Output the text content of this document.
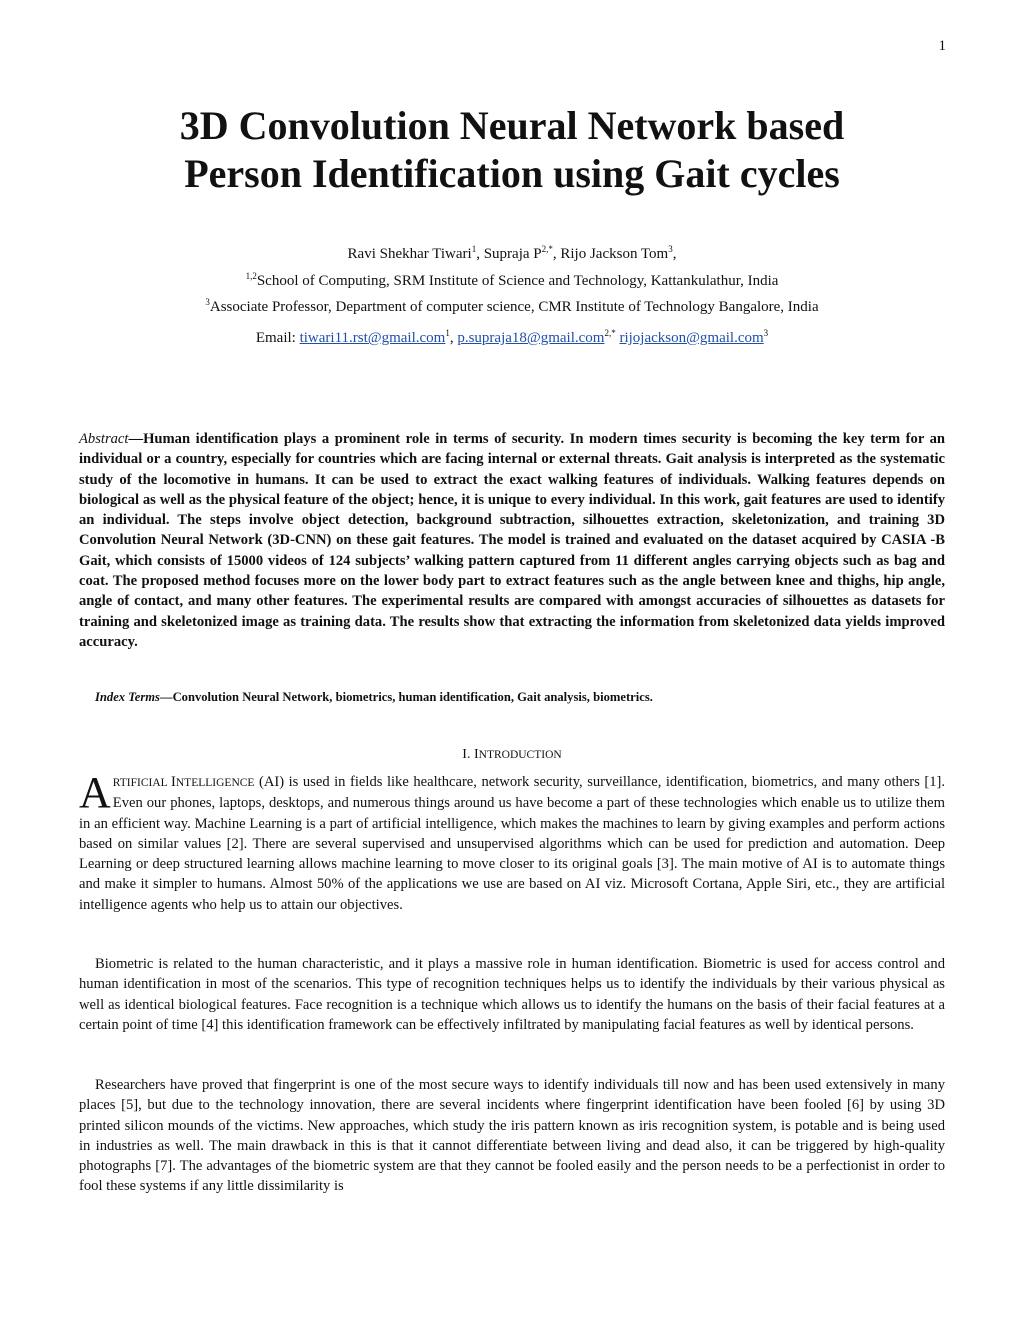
1
3D Convolution Neural Network based
Person Identification using Gait cycles
Ravi Shekhar Tiwari$^1$, Supraja $P^{2,*}$, Rijo Jackson Tom$^3$,
$^{1,2}$School of Computing, SRM Institute of Science and Technology, Kattankulathur, India
$^3$Associate Professor, Department of computer science, CMR Institute of Technology Bangalore, India
Email: tiwari11.rst@gmail.com$^1$, p.supraja18@gmail.com$^{2,*}$ rijojackson@gmail.com$^3$

Abstract—Human identification plays a prominent role in terms of security. In modern times security is becoming the key term for an individual or a country, especially for countries which are facing internal or external threats. Gait analysis is interpreted as the systematic study of the locomotive in humans. It can be used to extract the exact walking features of individuals. Walking features depends on biological as well as the physical feature of the object; hence, it is unique to every individual. In this work, gait features are used to identify an individual. The steps involve object detection, background subtraction, silhouettes extraction, skeletonization, and training 3D Convolution Neural Network (3D-CNN) on these gait features. The model is trained and evaluated on the dataset acquired by CASIA -B Gait, which consists of 15000 videos of 124 subjects’ walking pattern captured from 11 different angles carrying objects such as bag and coat. The proposed method focuses more on the lower body part to extract features such as the angle between knee and thighs, hip angle, angle of contact, and many other features. The experimental results are compared with amongst accuracies of silhouettes as datasets for training and skeletonized image as training data. The results show that extracting the information from skeletonized data yields improved accuracy.

Index Terms—Convolution Neural Network, biometrics, human identification, Gait analysis, biometrics.

I. INTRODUCTION

ARTIFICIAL INTELLIGENCE (AI) is used in fields like healthcare, network security, surveillance, identification, biometrics, and many others [1]. Even our phones, laptops, desktops, and numerous things around us have become a part of these technologies which enable us to utilize them in an efficient way. Machine Learning is a part of artificial intelligence, which makes the machines to learn by giving examples and perform actions based on similar values [2]. There are several supervised and unsupervised algorithms which can be used for prediction and automation. Deep Learning or deep structured learning allows machine learning to move closer to its original goals [3]. The main motive of AI is to automate things and make it simpler to humans. Almost 50% of the applications we use are based on AI viz. Microsoft Cortana, Apple Siri, etc., they are artificial intelligence agents who help us to attain our objectives.

Biometric is related to the human characteristic, and it plays a massive role in human identification. Biometric is used for access control and human identification in most of the scenarios. This type of recognition techniques helps us to identify the individuals by their various physical as well as identical biological features. Face recognition is a technique which allows us to identify the humans on the basis of their facial features at a certain point of time [4] this identification framework can be effectively infiltrated by manipulating facial features as well by identical persons.

Researchers have proved that fingerprint is one of the most secure ways to identify individuals till now and has been used extensively in many places [5], but due to the technology innovation, there are several incidents where fingerprint identification have been fooled [6] by using 3D printed silicon mounds of the victims. New approaches, which study the iris pattern known as iris recognition system, is potable and is being used in industries as well. The main drawback in this is that it cannot differentiate between living and dead also, it can be triggered by high-quality photographs [7]. The advantages of the biometric system are that they cannot be fooled easily and the person needs to be a perfectionist in order to fool these systems if any little dissimilarity is
